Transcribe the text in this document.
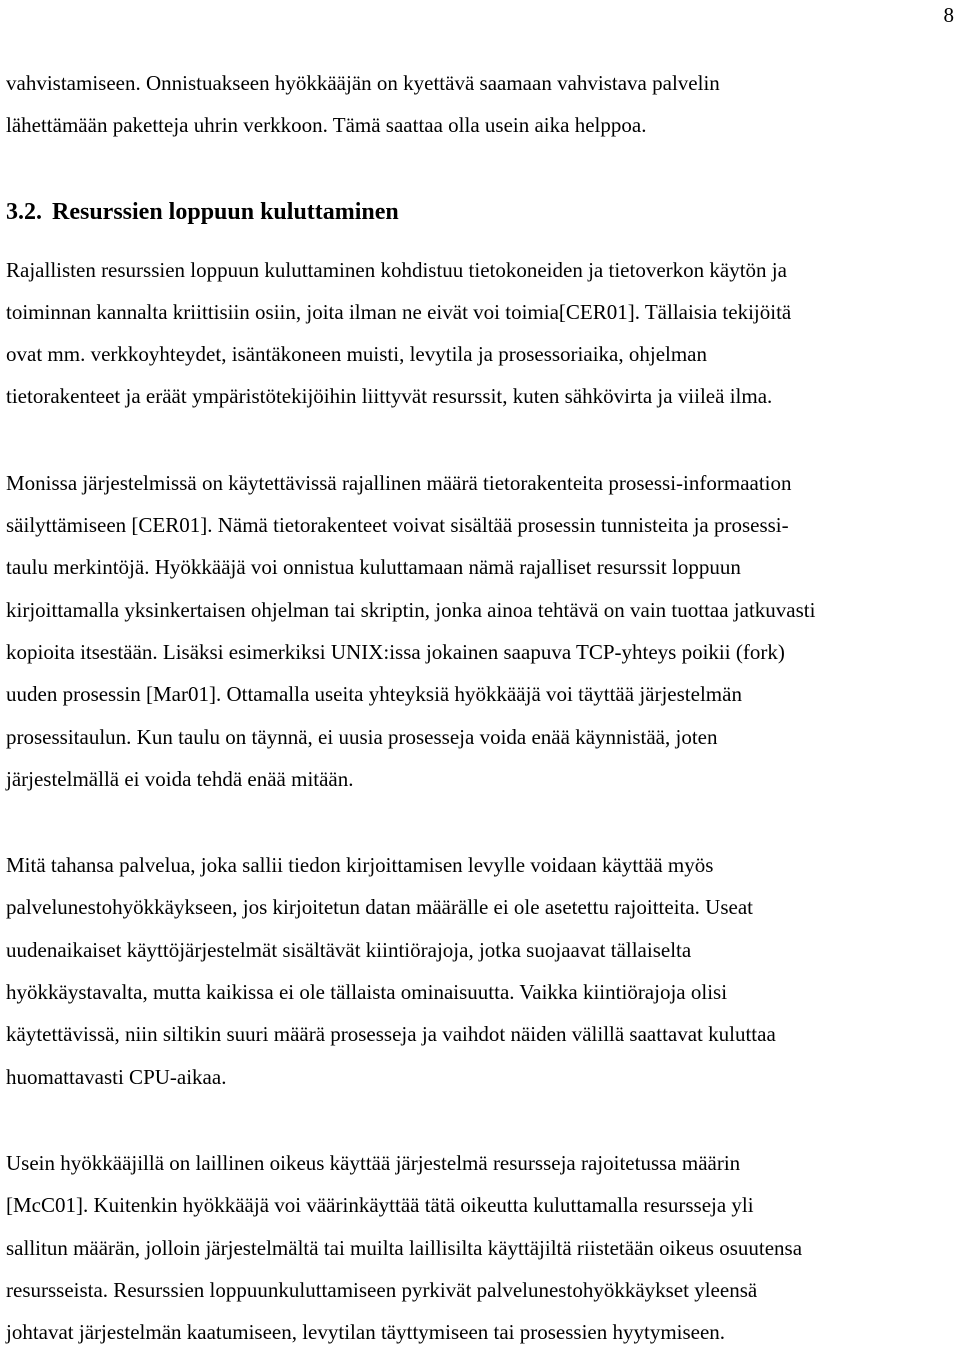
8
vahvistamiseen. Onnistuakseen hyökkääjän on kyettävä saamaan vahvistava palvelin
lähettämään paketteja uhrin verkkoon. Tämä saattaa olla usein aika helppoa.
3.2. Resurssien loppuun kuluttaminen
Rajallisten resurssien loppuun kuluttaminen kohdistuu tietokoneiden ja tietoverkon käytön ja
toiminnan kannalta kriittisiin osiin, joita ilman ne eivät voi toimia[CER01]. Tällaisia tekijöitä
ovat mm. verkkoyhteydet, isäntäkoneen muisti, levytila ja prosessoriaika, ohjelman
tietorakenteet ja eräät ympäristötekijöihin liittyvät resurssit, kuten sähkövirta ja viileä ilma.
Monissa järjestelmissä on käytettävissä rajallinen määrä tietorakenteita prosessi-informaation
säilyttämiseen [CER01]. Nämä tietorakenteet voivat sisältää prosessin tunnisteita ja prosessi-
taulu merkintöjä. Hyökkääjä voi onnistua kuluttamaan nämä rajalliset resurssit loppuun
kirjoittamalla yksinkertaisen ohjelman tai skriptin, jonka ainoa tehtävä on vain tuottaa jatkuvasti
kopioita itsestään. Lisäksi esimerkiksi UNIX:issa jokainen saapuva TCP-yhteys poikii (fork)
uuden prosessin [Mar01]. Ottamalla useita yhteyksiä hyökkääjä voi täyttää järjestelmän
prosessitaulun. Kun taulu on täynnä, ei uusia prosesseja voida enää käynnistää, joten
järjestelmällä ei voida tehdä enää mitään.
Mitä tahansa palvelua, joka sallii tiedon kirjoittamisen levylle voidaan käyttää myös
palvelunestohyökkäykseen, jos kirjoitetun datan määrälle ei ole asetettu rajoitteita. Useat
uudenaikaiset käyttöjärjestelmät sisältävät kiintiörajoja, jotka suojaavat tällaiselta
hyökkäystavalta, mutta kaikissa ei ole tällaista ominaisuutta. Vaikka kiintiörajoja olisi
käytettävissä, niin siltikin suuri määrä prosesseja ja vaihdot näiden välillä saattavat kuluttaa
huomattavasti CPU-aikaa.
Usein hyökkääjillä on laillinen oikeus käyttää järjestelmä resursseja rajoitetussa määrin
[McC01]. Kuitenkin hyökkääjä voi väärinkäyttää tätä oikeutta kuluttamalla resursseja yli
sallitun määrän, jolloin järjestelmältä tai muilta laillisilta käyttäjiltä riistetään oikeus osuutensa
resursseista. Resurssien loppuunkuluttamiseen pyrkivät palvelunestohyökkäykset yleensä
johtavat järjestelmän kaatumiseen, levytilan täyttymiseen tai prosessien hyytymiseen.
